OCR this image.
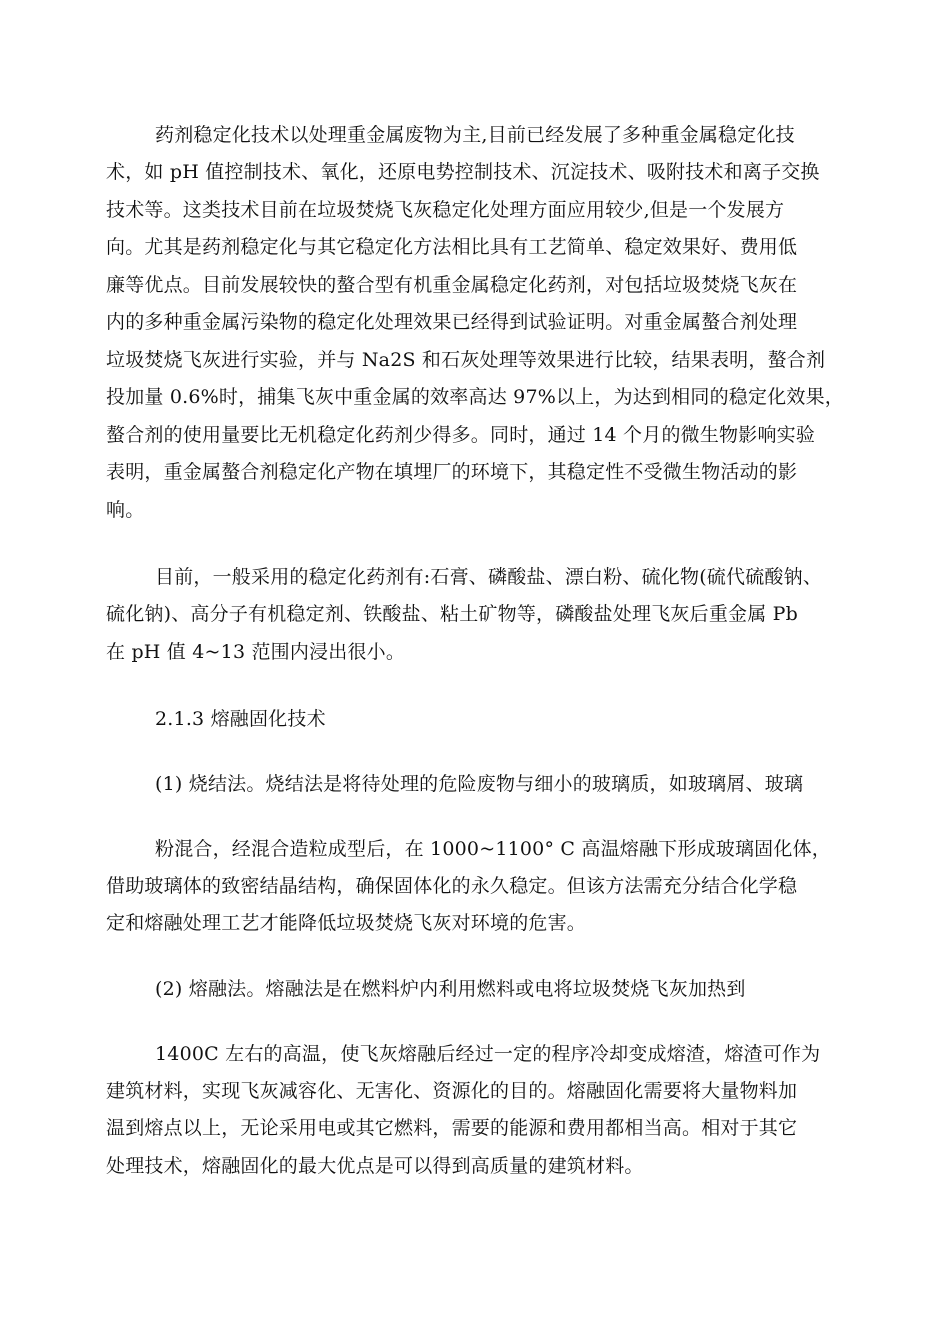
药剂稳定化技术以处理重金属废物为主,目前已经发展了多种重金属稳定化技
术，如 pH 值控制技术、氧化，还原电势控制技术、沉淀技术、吸附技术和离子交换
技术等。这类技术目前在垃圾焚烧飞灰稳定化处理方面应用较少,但是一个发展方
向。尤其是药剂稳定化与其它稳定化方法相比具有工艺简单、稳定效果好、费用低
廉等优点。目前发展较快的螯合型有机重金属稳定化药剂，对包括垃圾焚烧飞灰在
内的多种重金属污染物的稳定化处理效果已经得到试验证明。对重金属螯合剂处理
垃圾焚烧飞灰进行实验，并与 Na2S 和石灰处理等效果进行比较，结果表明，螯合剂
投加量 0.6%时，捕集飞灰中重金属的效率高达 97%以上，为达到相同的稳定化效果，
螯合剂的使用量要比无机稳定化药剂少得多。同时，通过 14 个月的微生物影响实验
表明，重金属螯合剂稳定化产物在填埋厂的环境下，其稳定性不受微生物活动的影
响。
目前，一般采用的稳定化药剂有:石膏、磷酸盐、漂白粉、硫化物(硫代硫酸钠、
硫化钠)、高分子有机稳定剂、铁酸盐、粘土矿物等，磷酸盐处理飞灰后重金属 Pb
在 pH 值 4~13 范围内浸出很小。
2.1.3 熔融固化技术
(1) 烧结法。烧结法是将待处理的危险废物与细小的玻璃质，如玻璃屑、玻璃
粉混合，经混合造粒成型后，在 1000~1100° C 高温熔融下形成玻璃固化体，
借助玻璃体的致密结晶结构，确保固体化的永久稳定。但该方法需充分结合化学稳
定和熔融处理工艺才能降低垃圾焚烧飞灰对环境的危害。
(2) 熔融法。熔融法是在燃料炉内利用燃料或电将垃圾焚烧飞灰加热到
1400C 左右的高温，使飞灰熔融后经过一定的程序冷却变成熔渣，熔渣可作为
建筑材料，实现飞灰减容化、无害化、资源化的目的。熔融固化需要将大量物料加
温到熔点以上，无论采用电或其它燃料，需要的能源和费用都相当高。相对于其它
处理技术，熔融固化的最大优点是可以得到高质量的建筑材料。
